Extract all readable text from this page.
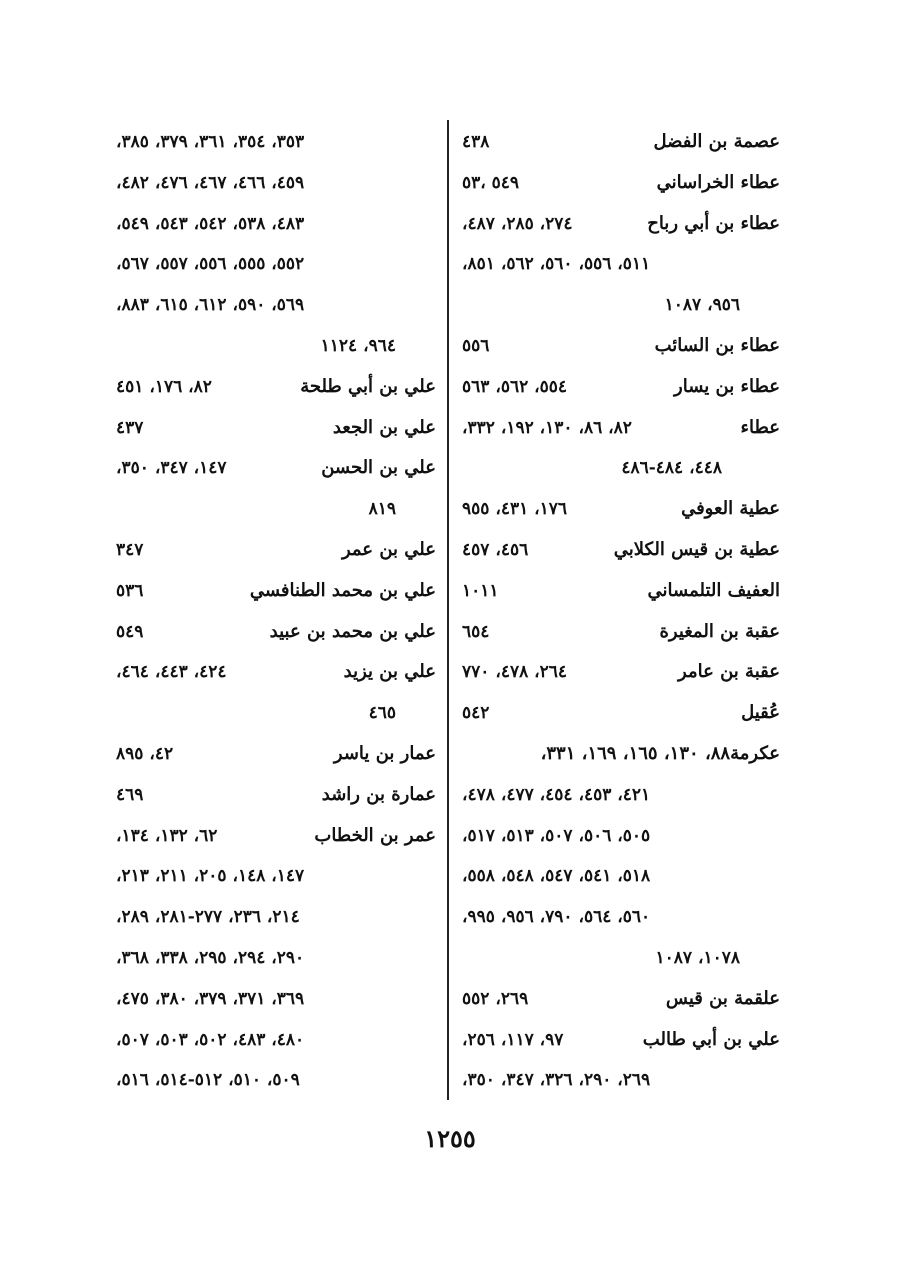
عصمة بن الفضل
٤٣٨
عطاء الخراساني
٥٤٩ ،٥٣
عطاء بن أبي رباح
٢٧٤، ٢٨٥، ٤٨٧،
٥١١، ٥٥٦، ٥٦٠، ٥٦٢، ٨٥١،
٩٥٦، ١٠٨٧
عطاء بن السائب
٥٥٦
عطاء بن يسار
٥٥٤، ٥٦٢، ٥٦٣
عطاء
٨٢، ٨٦، ١٣٠، ١٩٢، ٣٣٢،
٤٤٨، ٤٨٤-٤٨٦
عطية العوفي
١٧٦، ٤٣١، ٩٥٥
عطية بن قيس الكلابي
٤٥٦، ٤٥٧
العفيف التلمساني
١٠١١
عقبة بن المغيرة
٦٥٤
عقبة بن عامر
٢٦٤، ٤٧٨، ٧٧٠
عُقيل
٥٤٢
عكرمة٨٨، ١٣٠، ١٦٥، ١٦٩، ٣٣١،
٤٢١، ٤٥٣، ٤٥٤، ٤٧٧، ٤٧٨،
٥٠٥، ٥٠٦، ٥٠٧، ٥١٣، ٥١٧،
٥١٨، ٥٤١، ٥٤٧، ٥٤٨، ٥٥٨،
٥٦٠، ٥٦٤، ٧٩٠، ٩٥٦، ٩٩٥،
١٠٧٨، ١٠٨٧
علقمة بن قيس
٢٦٩، ٥٥٢
علي بن أبي طالب
٩٧، ١١٧، ٢٥٦،
٢٦٩، ٢٩٠، ٣٢٦، ٣٤٧، ٣٥٠،
٣٥٣، ٣٥٤، ٣٦١، ٣٧٩، ٣٨٥،
٤٥٩، ٤٦٦، ٤٦٧، ٤٧٦، ٤٨٢،
٤٨٣، ٥٣٨، ٥٤٢، ٥٤٣، ٥٤٩،
٥٥٢، ٥٥٥، ٥٥٦، ٥٥٧، ٥٦٧،
٥٦٩، ٥٩٠، ٦١٢، ٦١٥، ٨٨٣،
٩٦٤، ١١٢٤
علي بن أبي طلحة
٨٢، ١٧٦، ٤٥١
علي بن الجعد
٤٣٧
علي بن الحسن
١٤٧، ٣٤٧، ٣٥٠،
٨١٩
علي بن عمر
٣٤٧
علي بن محمد الطنافسي
٥٣٦
علي بن محمد بن عبيد
٥٤٩
علي بن يزيد
٤٢٤، ٤٤٣، ٤٦٤،
٤٦٥
عمار بن ياسر
٤٢، ٨٩٥
عمارة بن راشد
٤٦٩
عمر بن الخطاب
٦٢، ١٣٢، ١٣٤،
١٤٧، ١٤٨، ٢٠٥، ٢١١، ٢١٣،
٢١٤، ٢٣٦، ٢٧٧-٢٨١، ٢٨٩،
٢٩٠، ٢٩٤، ٢٩٥، ٣٣٨، ٣٦٨،
٣٦٩، ٣٧١، ٣٧٩، ٣٨٠، ٤٧٥،
٤٨٠، ٤٨٣، ٥٠٢، ٥٠٣، ٥٠٧،
٥٠٩، ٥١٠، ٥١٢-٥١٤، ٥١٦،
١٢٥٥
